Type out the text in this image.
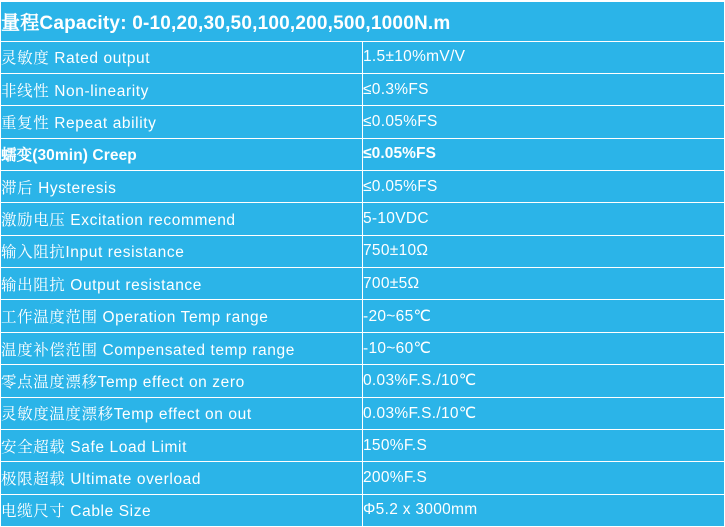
量程Capacity: 0-10,20,30,50,100,200,500,1000N.m	
灵敏度 Rated output	1.5±10%mV/V
非线性 Non-linearity	≤0.3%FS
重复性 Repeat ability	≤0.05%FS
蠕变(30min) Creep	≤0.05%FS
滞后 Hysteresis	≤0.05%FS
激励电压 Excitation recommend	5-10VDC
输入阻抗Input resistance	750±10Ω
输出阻抗 Output resistance	700±5Ω
工作温度范围 Operation Temp range	-20~65℃
温度补偿范围 Compensated temp range	-10~60℃
零点温度漂移Temp effect on zero	0.03%F.S./10℃
灵敏度温度漂移Temp effect on out	0.03%F.S./10℃
安全超载 Safe Load Limit	150%F.S
极限超载 Ultimate overload	200%F.S
电缆尺寸 Cable Size	Φ5.2 x 3000mm
